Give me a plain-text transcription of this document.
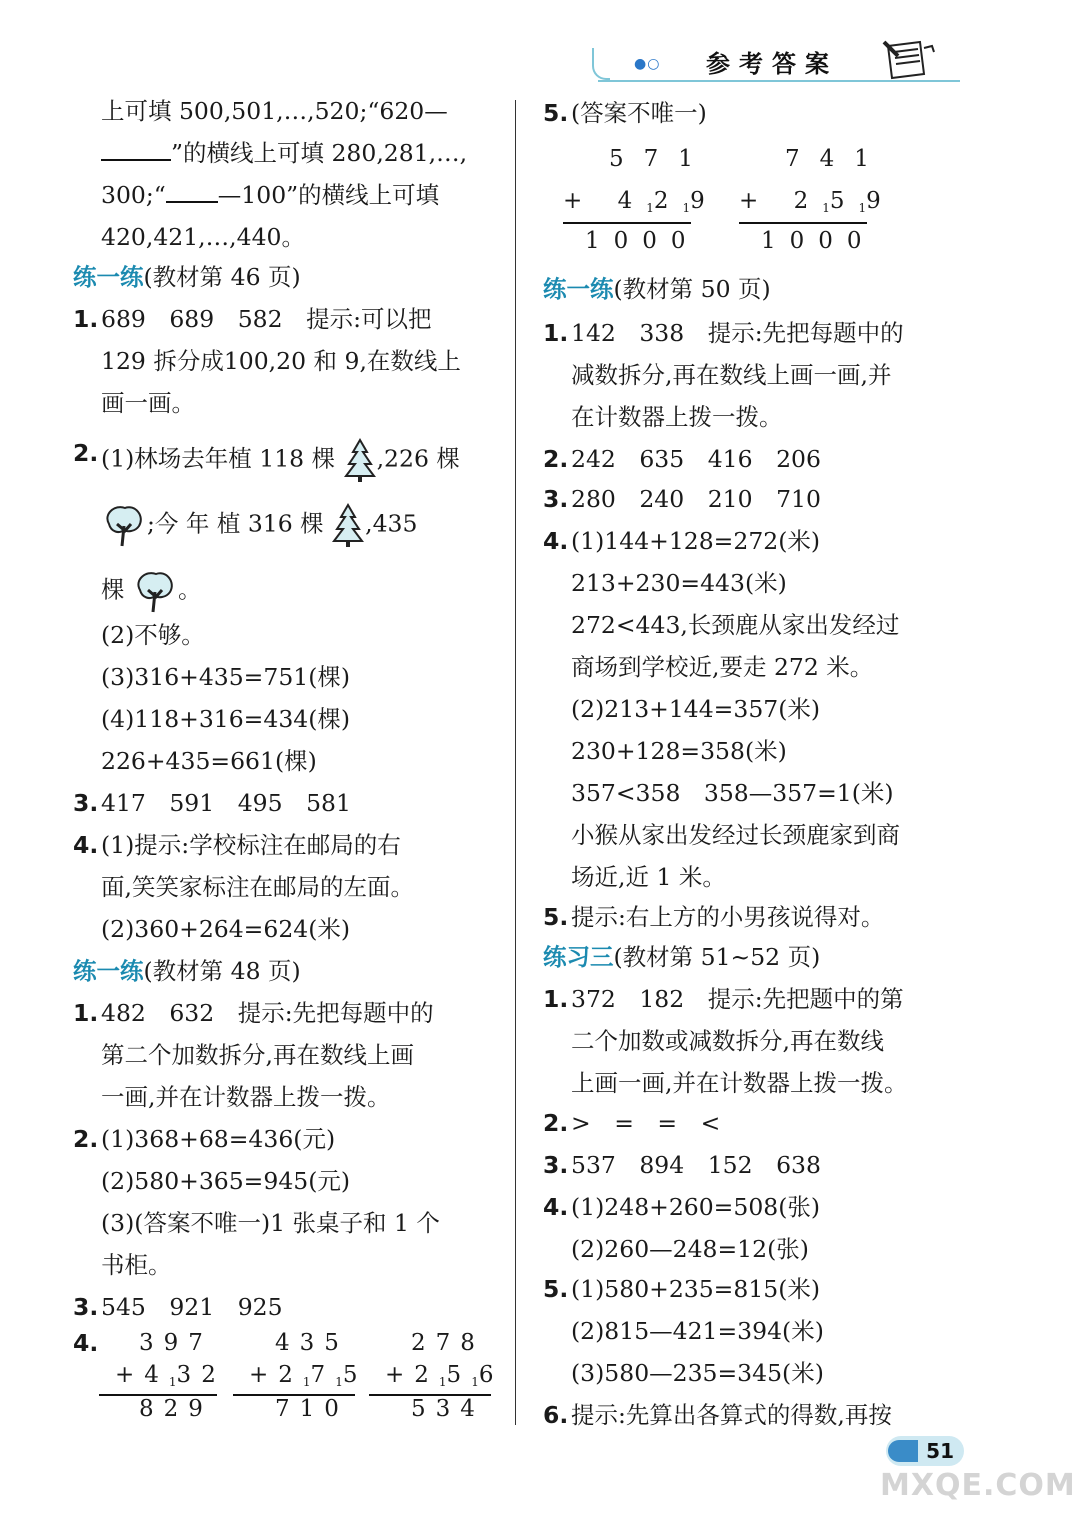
●○ 参考答案
上可填 500,501,…,520;“620—
”的横线上可填 280,281,…,
300;“ —100”的横线上可填
420,421,…,440。
练一练(教材第 46 页)
1. 689　689　582　提示:可以把
129 拆分成100,20 和 9,在数线上
画一画。
2. (1)林场去年植 118 棵 ,226 棵
;今 年 植 316 棵 ,435
棵 。
(2)不够。
(3)316+435=751(棵)
(4)118+316=434(棵)
226+435=661(棵)
3. 417　591　495　581
4. (1)提示:学校标注在邮局的右
面,笑笑家标注在邮局的左面。
(2)360+264=624(米)
练一练(教材第 48 页)
1. 482　632　提示:先把每题中的
第二个加数拆分,再在数线上画
一画,并在计数器上拨一拨。
2. (1)368+68=436(元)
(2)580+365=945(元)
(3)(答案不唯一)1 张桌子和 1 个
书柜。
3. 545　921　925
4. 397
$+4_132$
829
435
$+2_17_15$
710
278
$+2_15_16$
534
5. (答案不唯一)
571
+ $4_12_19$
1000
741
+ $2_15_19$
1000
练一练(教材第 50 页)
1. 142　338　提示:先把每题中的
减数拆分,再在数线上画一画,并
在计数器上拨一拨。
2. 242　635　416　206
3. 280　240　210　710
4. (1)144+128=272(米)
213+230=443(米)
272<443,长颈鹿从家出发经过
商场到学校近,要走 272 米。
(2)213+144=357(米)
230+128=358(米)
357<358　358—357=1(米)
小猴从家出发经过长颈鹿家到商
场近,近 1 米。
5. 提示:右上方的小男孩说得对。
练习三(教材第 51~52 页)
1. 372　182　提示:先把题中的第
二个加数或减数拆分,再在数线
上画一画,并在计数器上拨一拨。
2. >　=　=　<
3. 537　894　152　638
4. (1)248+260=508(张)
(2)260—248=12(张)
5. (1)580+235=815(米)
(2)815—421=394(米)
(3)580—235=345(米)
6. 提示:先算出各算式的得数,再按
51
MXQE.COM
